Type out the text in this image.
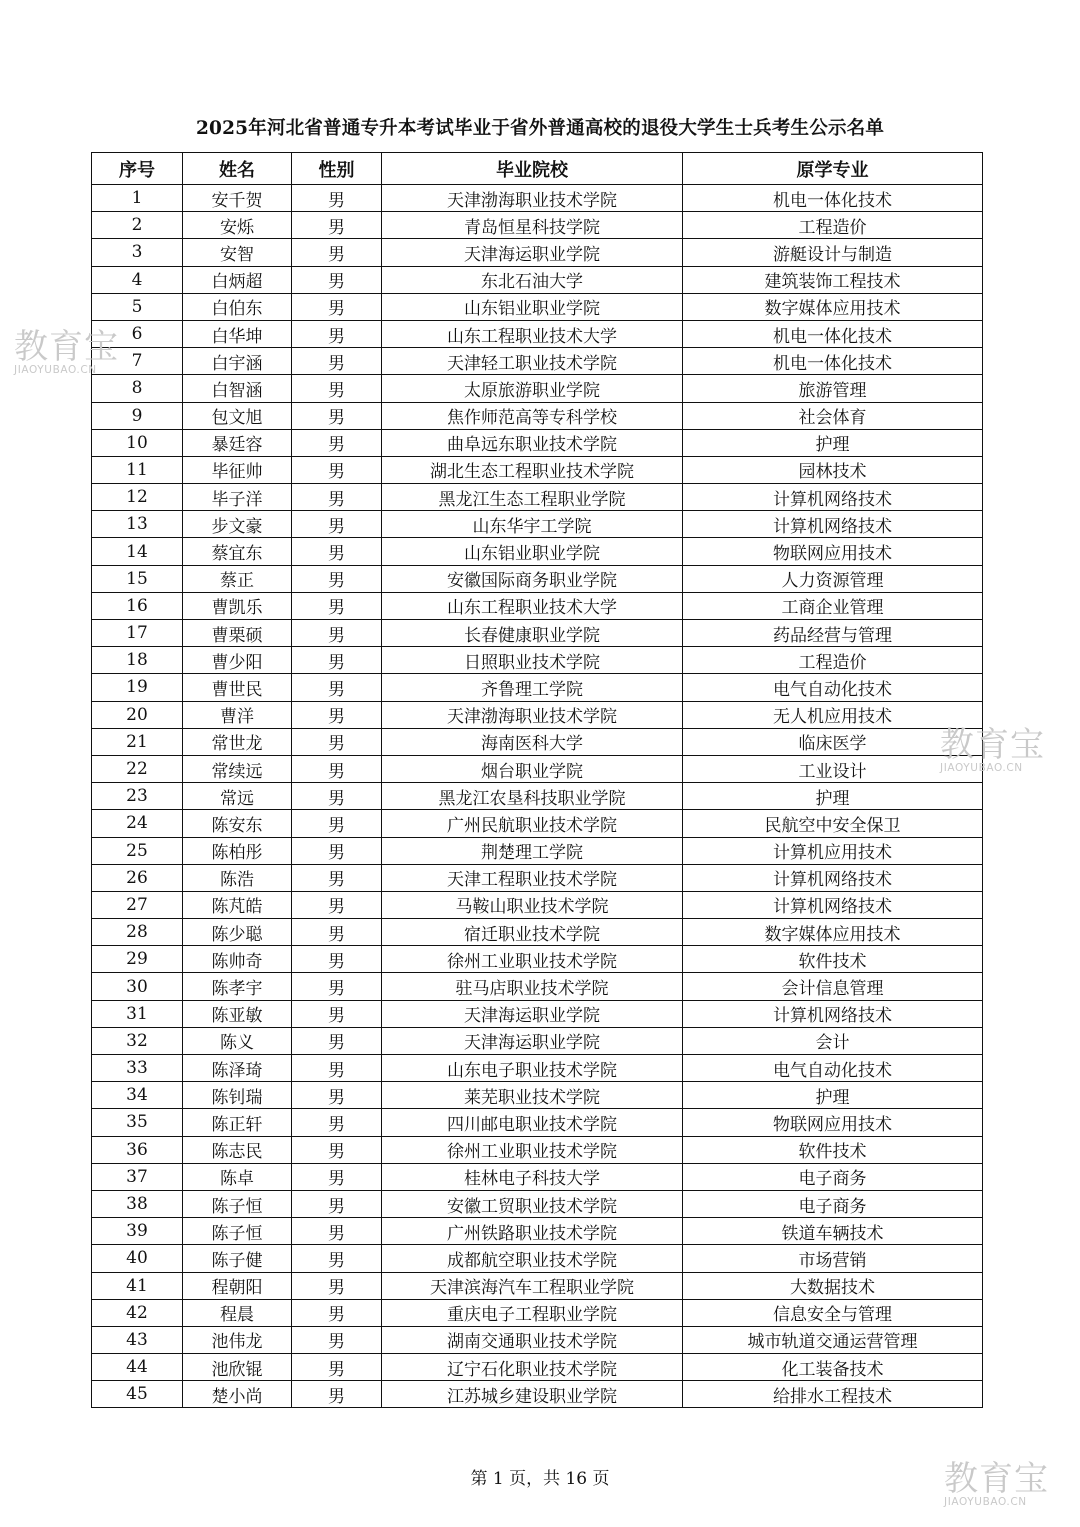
2025年河北省普通专升本考试毕业于省外普通高校的退役大学生士兵考生公示名单
序号	姓名	性别	毕业院校	原学专业
1	安千贺	男	天津渤海职业技术学院	机电一体化技术
2	安烁	男	青岛恒星科技学院	工程造价
3	安智	男	天津海运职业学院	游艇设计与制造
4	白炳超	男	东北石油大学	建筑装饰工程技术
5	白伯东	男	山东铝业职业学院	数字媒体应用技术
6	白华坤	男	山东工程职业技术大学	机电一体化技术
7	白宇涵	男	天津轻工职业技术学院	机电一体化技术
8	白智涵	男	太原旅游职业学院	旅游管理
9	包文旭	男	焦作师范高等专科学校	社会体育
10	暴廷容	男	曲阜远东职业技术学院	护理
11	毕征帅	男	湖北生态工程职业技术学院	园林技术
12	毕子洋	男	黑龙江生态工程职业学院	计算机网络技术
13	步文豪	男	山东华宇工学院	计算机网络技术
14	蔡宜东	男	山东铝业职业学院	物联网应用技术
15	蔡正	男	安徽国际商务职业学院	人力资源管理
16	曹凯乐	男	山东工程职业技术大学	工商企业管理
17	曹栗硕	男	长春健康职业学院	药品经营与管理
18	曹少阳	男	日照职业技术学院	工程造价
19	曹世民	男	齐鲁理工学院	电气自动化技术
20	曹洋	男	天津渤海职业技术学院	无人机应用技术
21	常世龙	男	海南医科大学	临床医学
22	常续远	男	烟台职业学院	工业设计
23	常远	男	黑龙江农垦科技职业学院	护理
24	陈安东	男	广州民航职业技术学院	民航空中安全保卫
25	陈柏彤	男	荆楚理工学院	计算机应用技术
26	陈浩	男	天津工程职业技术学院	计算机网络技术
27	陈芃皓	男	马鞍山职业技术学院	计算机网络技术
28	陈少聪	男	宿迁职业技术学院	数字媒体应用技术
29	陈帅奇	男	徐州工业职业技术学院	软件技术
30	陈孝宇	男	驻马店职业技术学院	会计信息管理
31	陈亚敏	男	天津海运职业学院	计算机网络技术
32	陈义	男	天津海运职业学院	会计
33	陈泽琦	男	山东电子职业技术学院	电气自动化技术
34	陈钊瑞	男	莱芜职业技术学院	护理
35	陈正轩	男	四川邮电职业技术学院	物联网应用技术
36	陈志民	男	徐州工业职业技术学院	软件技术
37	陈卓	男	桂林电子科技大学	电子商务
38	陈子恒	男	安徽工贸职业技术学院	电子商务
39	陈子恒	男	广州铁路职业技术学院	铁道车辆技术
40	陈子健	男	成都航空职业技术学院	市场营销
41	程朝阳	男	天津滨海汽车工程职业学院	大数据技术
42	程晨	男	重庆电子工程职业学院	信息安全与管理
43	池伟龙	男	湖南交通职业技术学院	城市轨道交通运营管理
44	池欣锟	男	辽宁石化职业技术学院	化工装备技术
45	楚小尚	男	江苏城乡建设职业学院	给排水工程技术
第 1 页，共 16 页
教育宝
JIAOYUBAO.CN
教育宝
JIAOYUBAO.CN
教育宝
JIAOYUBAO.CN
